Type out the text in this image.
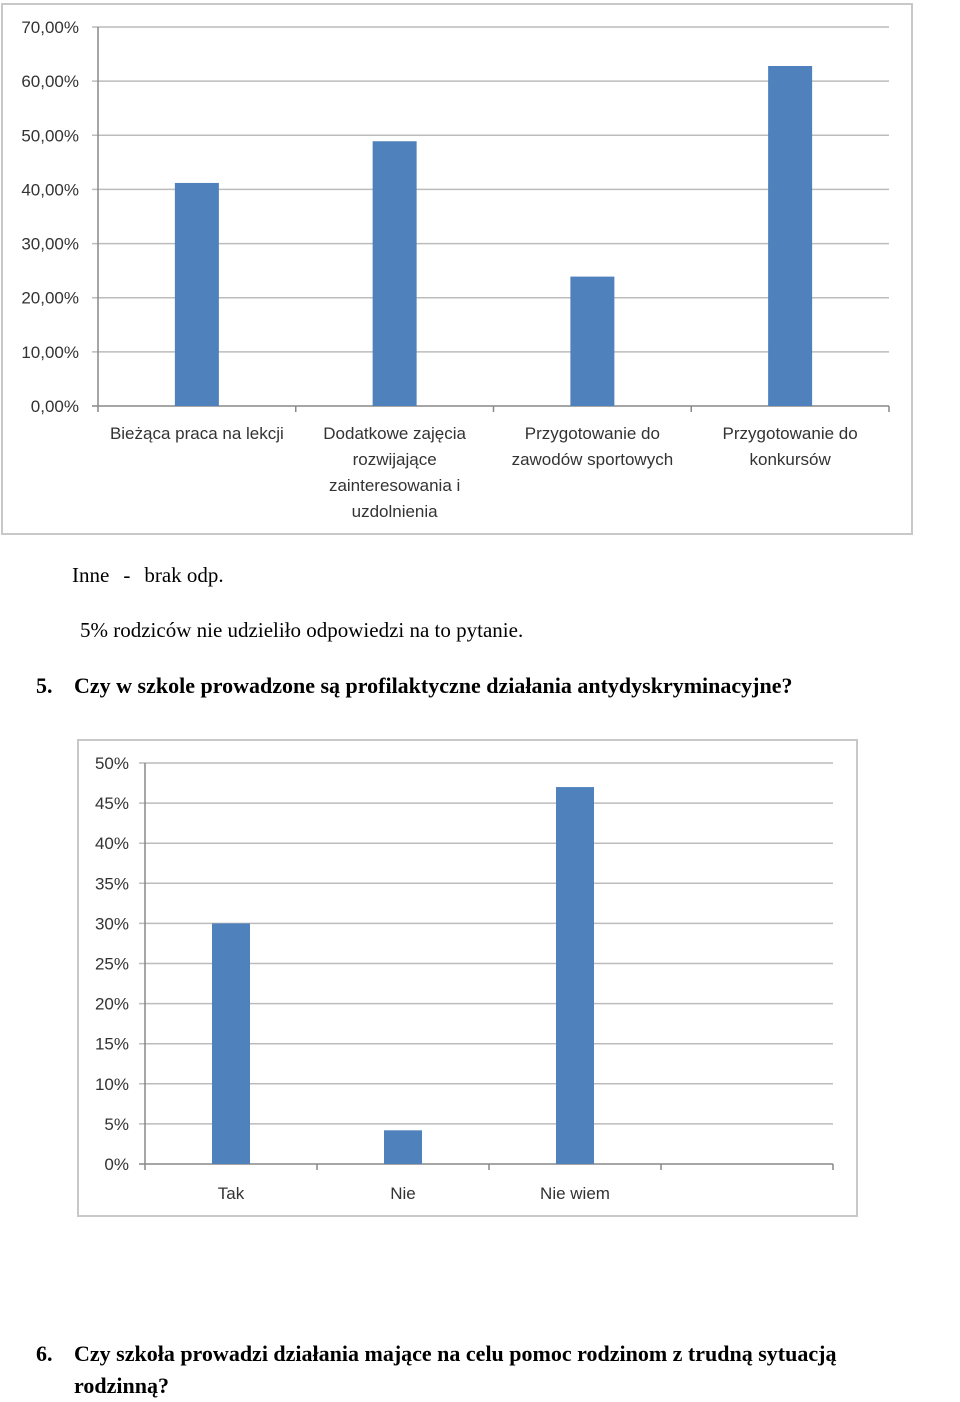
0,00%
10,00%
20,00%
30,00%
40,00%
50,00%
60,00%
70,00%
Bieżąca praca na lekcji Dodatkowe zajęcia
rozwijające
zainteresowania i
uzdolnienia
Przygotowanie do
zawodów sportowych
Przygotowanie do
konkursów
Inne - brak odp.
5% rodziców nie udzieliło odpowiedzi na to pytanie.
5. Czy w szkole prowadzone są profilaktyczne działania antydyskryminacyjne?
0%
5%
10%
15%
20%
25%
30%
35%
40%
45%
50%
Tak	Nie	Nie wiem
6. Czy szkoła prowadzi działania mające na celu pomoc rodzinom z trudną sytuacją
rodzinną?
